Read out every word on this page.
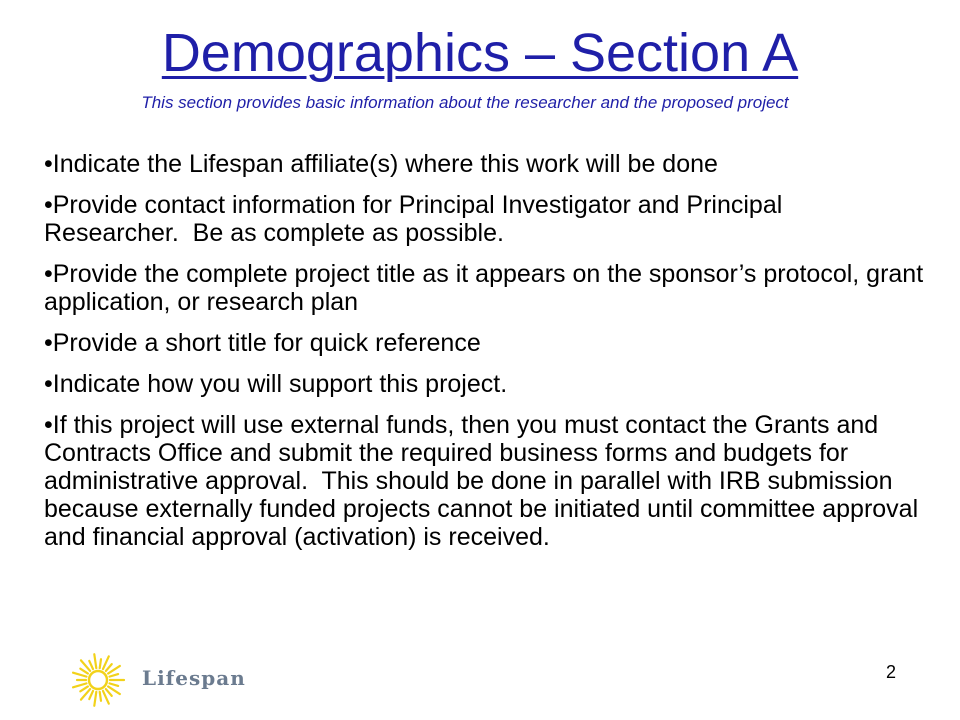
Demographics – Section A
This section provides basic information about the researcher and the proposed project
•Indicate the Lifespan affiliate(s) where this work will be done
•Provide contact information for Principal Investigator and Principal	Researcher.  Be as complete as possible.
•Provide the complete project title as it appears on the sponsor’s protocol, grant application, or research plan
•Provide a short title for quick reference
•Indicate how you will support this project.
•If this project will use external funds, then you must contact the Grants and Contracts Office and submit the required business forms and budgets for administrative approval.  This should be done in parallel with IRB submission because externally funded projects cannot be initiated until committee approval and financial approval (activation) is received.
Lifespan	2
